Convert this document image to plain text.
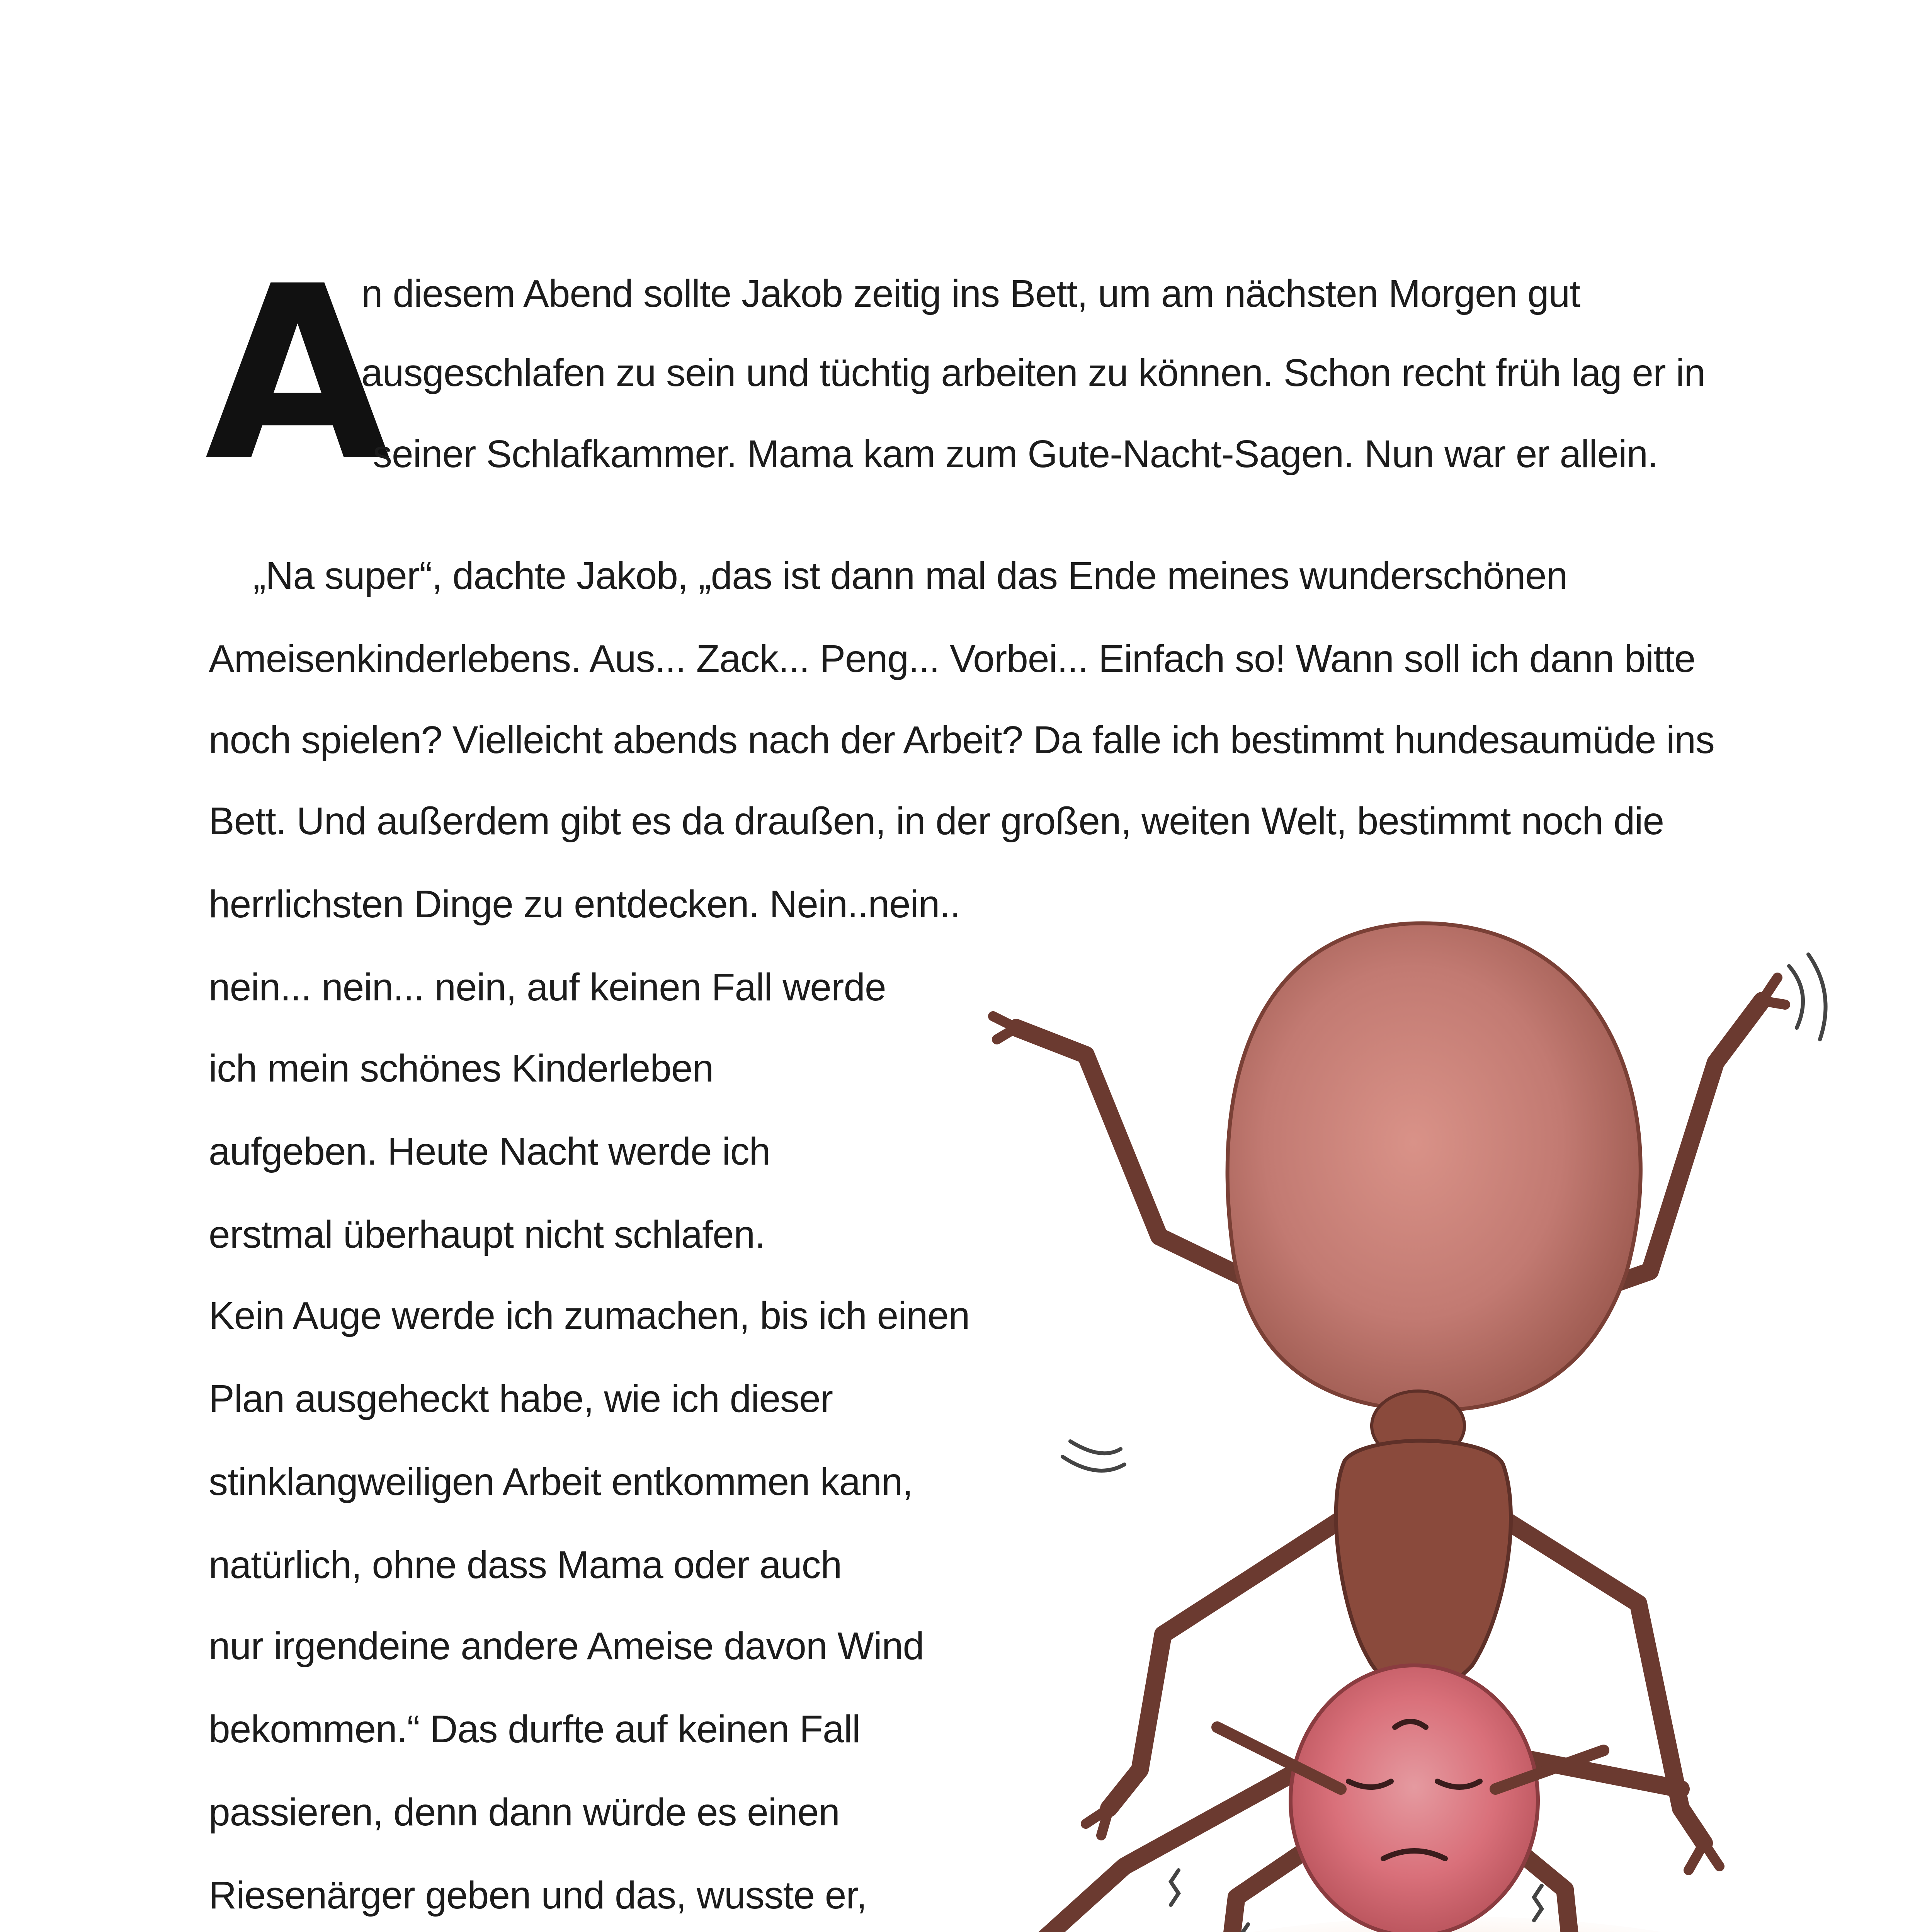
A
n diesem Abend sollte Jakob zeitig ins Bett, um am nächsten Morgen gut
ausgeschlafen zu sein und tüchtig arbeiten zu können. Schon recht früh lag er in
seiner Schlafkammer. Mama kam zum Gute-Nacht-Sagen. Nun war er allein.
„Na super“, dachte Jakob, „das ist dann mal das Ende meines wunderschönen
Ameisenkinderlebens. Aus... Zack... Peng... Vorbei... Einfach so! Wann soll ich dann bitte
noch spielen? Vielleicht abends nach der Arbeit? Da falle ich bestimmt hundesaumüde ins
Bett. Und außerdem gibt es da draußen, in der großen, weiten Welt, bestimmt noch die
herrlichsten Dinge zu entdecken. Nein..nein..
nein... nein... nein, auf keinen Fall werde
ich mein schönes Kinderleben
aufgeben. Heute Nacht werde ich
erstmal überhaupt nicht schlafen.
Kein Auge werde ich zumachen, bis ich einen
Plan ausgeheckt habe, wie ich dieser
stinklangweiligen Arbeit entkommen kann,
natürlich, ohne dass Mama oder auch
nur irgendeine andere Ameise davon Wind
bekommen.“ Das durfte auf keinen Fall
passieren, denn dann würde es einen
Riesenärger geben und das, wusste er,
